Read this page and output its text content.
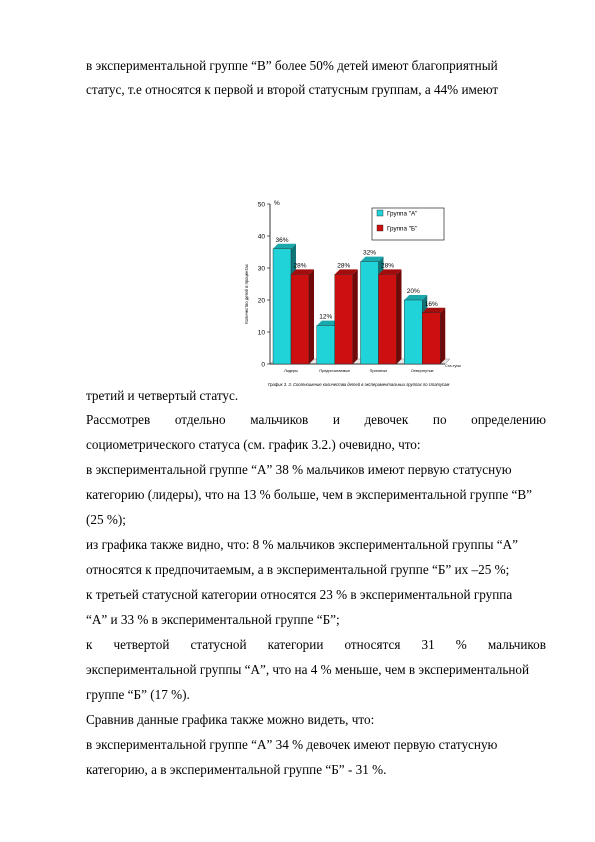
в экспериментальной группе “В” более 50% детей имеют благоприятный
статус, т.е относятся к первой и второй статусным группам, а 44% имеют
0
10
20
30
40
50 %
Количество детей в процентах
36%
28%
Лидеры
12%
28%
Предпочитаемые
32%
28%
Принятые
20%
16%
Отвергнутые
Ста-тусы
Группа "А"
Группа "Б"
График 3. 3. Соотношение количества детей в экспериментальных группах по статусам
третий и четвертый статус.
Рассмотрев отдельно мальчиков и девочек по определению
социометрического статуса (см. график 3.2.) очевидно, что:
в экспериментальной группе “А” 38 % мальчиков имеют первую статусную
категорию (лидеры), что на 13 % больше, чем в экспериментальной группе “В”
(25 %);
из графика также видно, что: 8 % мальчиков экспериментальной группы “А”
относятся к предпочитаемым, а в экспериментальной группе “Б” их –25 %;
к третьей статусной категории относятся 23 % в экспериментальной группа
“А” и 33 % в экспериментальной группе “Б”;
к четвертой статусной категории относятся 31 % мальчиков
экспериментальной группы “А”, что на 4 % меньше, чем в экспериментальной
группе “Б” (17 %).
Сравнив данные графика также можно видеть, что:
в экспериментальной группе “А” 34 % девочек имеют первую статусную
категорию, а в экспериментальной группе “Б” - 31 %.
